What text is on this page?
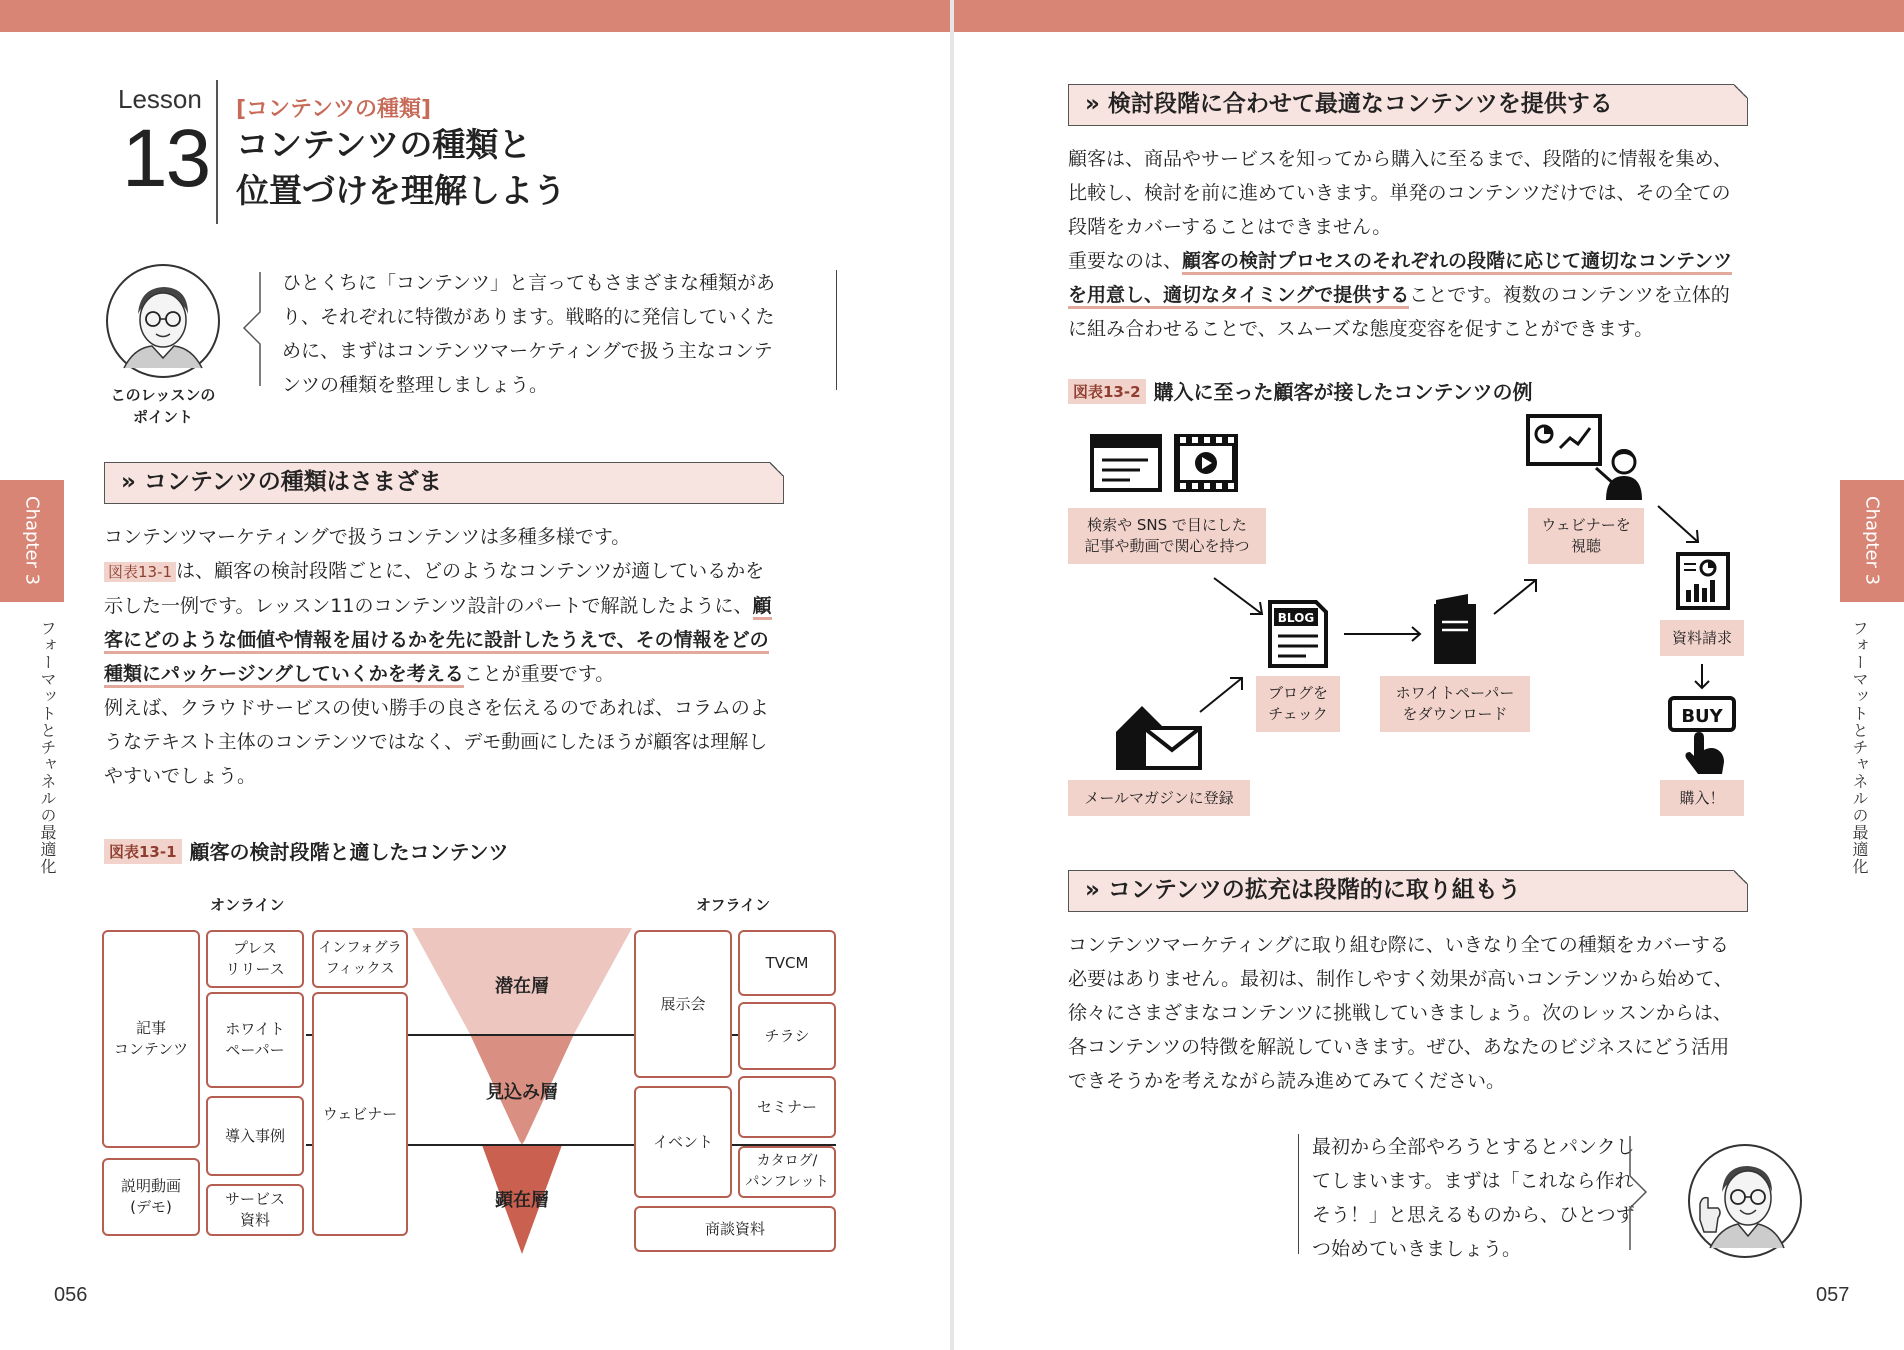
Lesson
13
[コンテンツの種類]
コンテンツの種類と
位置づけを理解しよう
このレッスンの
ポイント
ひとくちに「コンテンツ」と言ってもさまざまな種類があ
り、それぞれに特徴があります。戦略的に発信していくた
めに、まずはコンテンツマーケティングで扱う主なコンテ
ンツの種類を整理しましょう。
» コンテンツの種類はさまざま
コンテンツマーケティングで扱うコンテンツは多種多様です。
図表13-1 は、顧客の検討段階ごとに、どのようなコンテンツが適しているかを
示した一例です。レッスン11のコンテンツ設計のパートで解説したように、顧
客にどのような価値や情報を届けるかを先に設計したうえで、その情報をどの
種類にパッケージングしていくかを考えることが重要です。
例えば、クラウドサービスの使い勝手の良さを伝えるのであれば、コラムのよ
うなテキスト主体のコンテンツではなく、デモ動画にしたほうが顧客は理解し
やすいでしょう。
図表13-1 顧客の検討段階と適したコンテンツ
オンライン	オフライン
潜在層
見込み層
顕在層
記事
コンテンツ
プレス
リリース
インフォグラ
フィックス
ホワイト
ペーパー
ウェビナー
導入事例
説明動画
(デモ)	サービス
資料
展示会
TVCM
チラシ
イベント
セミナー
カタログ/
パンフレット
商談資料
056
Chapter 3
フォーマットとチャネルの最適化
» 検討段階に合わせて最適なコンテンツを提供する
顧客は、商品やサービスを知ってから購入に至るまで、段階的に情報を集め、
比較し、検討を前に進めていきます。単発のコンテンツだけでは、その全ての
段階をカバーすることはできません。
重要なのは、顧客の検討プロセスのそれぞれの段階に応じて適切なコンテンツ
を用意し、適切なタイミングで提供することです。複数のコンテンツを立体的
に組み合わせることで、スムーズな態度変容を促すことができます。
図表13-2 購入に至った顧客が接したコンテンツの例
検索や SNS で目にした
記事や動画で関心を持つ
BLOG
ブログを
チェック
ホワイトペーパー
をダウンロード
メールマガジンに登録
ウェビナーを
視聴
資料請求
BUY
購入！
» コンテンツの拡充は段階的に取り組もう
コンテンツマーケティングに取り組む際に、いきなり全ての種類をカバーする
必要はありません。最初は、制作しやすく効果が高いコンテンツから始めて、
徐々にさまざまなコンテンツに挑戦していきましょう。次のレッスンからは、
各コンテンツの特徴を解説していきます。ぜひ、あなたのビジネスにどう活用
できそうかを考えながら読み進めてみてください。
最初から全部やろうとするとパンクし
てしまいます。まずは「これなら作れ
そう！」と思えるものから、ひとつず
つ始めていきましょう。
057
Chapter 3
フォーマットとチャネルの最適化
